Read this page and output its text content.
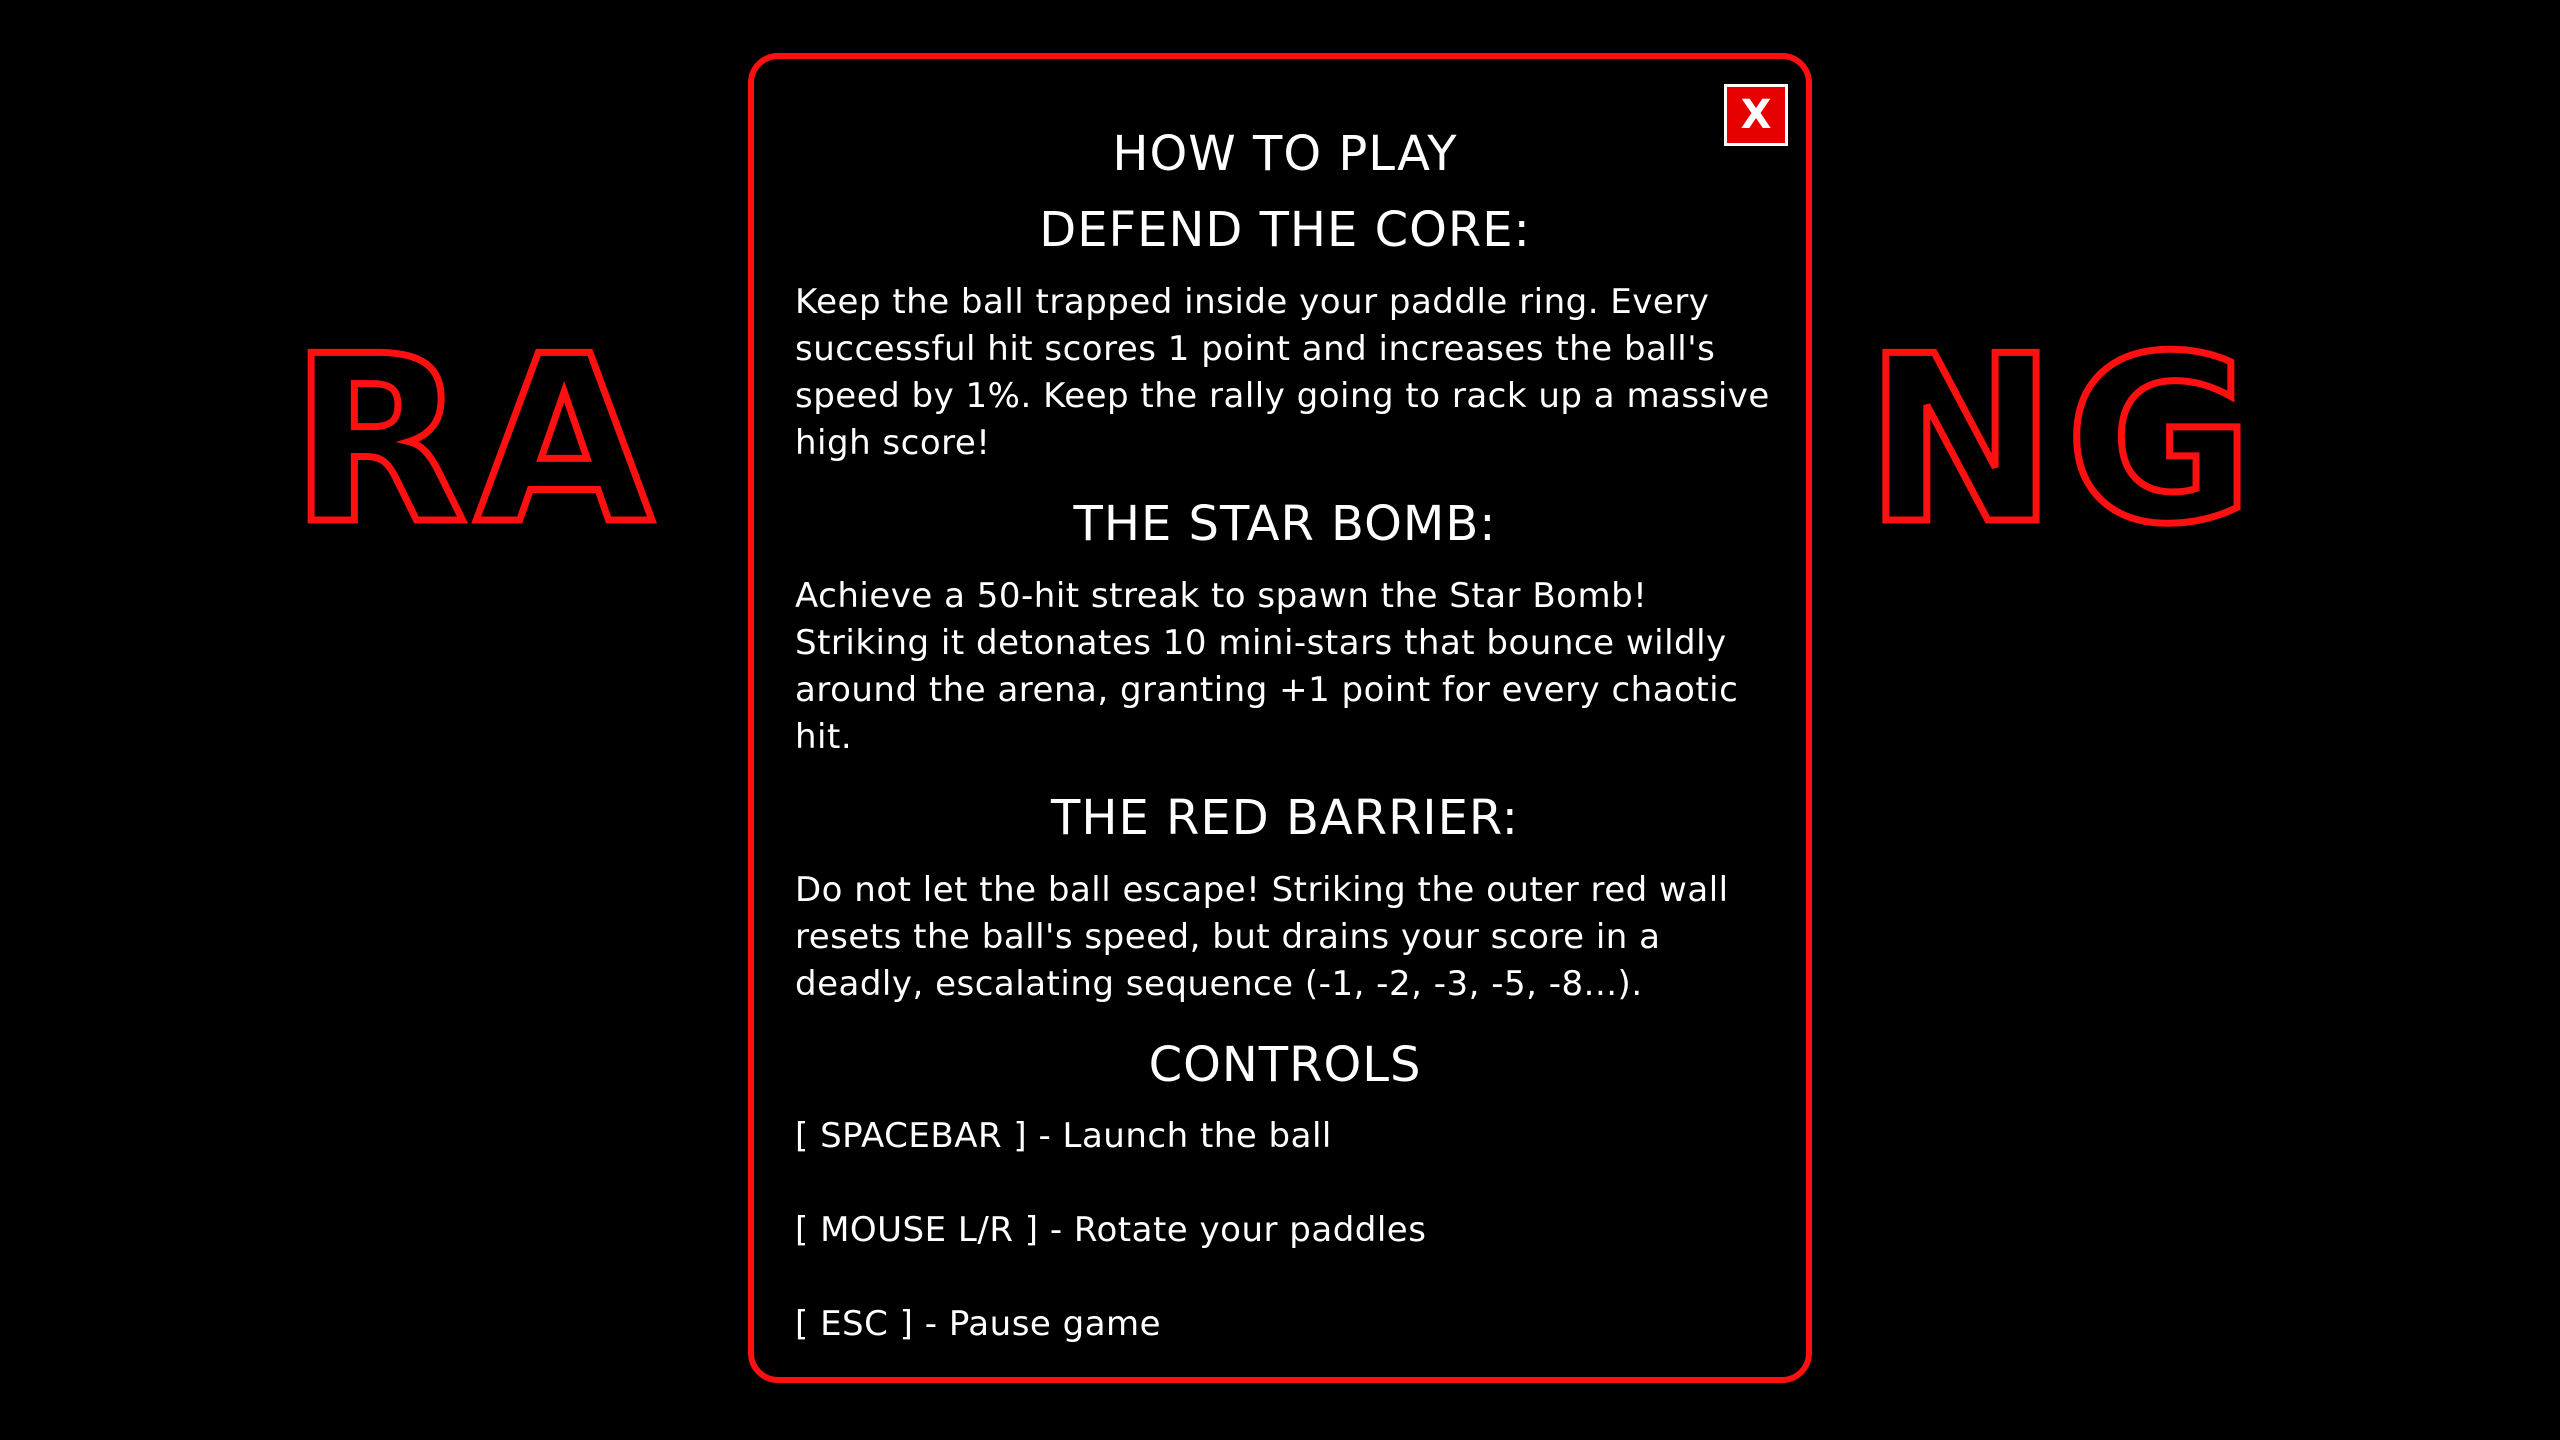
RA	NG
X
HOW TO PLAY
DEFEND THE CORE:

Keep the ball trapped inside your paddle ring. Every successful hit scores 1 point and increases the ball's speed by 1%. Keep the rally going to rack up a massive high score!

THE STAR BOMB:

Achieve a 50-hit streak to spawn the Star Bomb! Striking it detonates 10 mini-stars that bounce wildly around the arena, granting +1 point for every chaotic hit.

THE RED BARRIER:

Do not let the ball escape! Striking the outer red wall resets the ball's speed, but drains your score in a deadly, escalating sequence (-1, -2, -3, -5, -8...).

CONTROLS
[ SPACEBAR ] - Launch the ball
[ MOUSE L/R ] - Rotate your paddles
[ ESC ] - Pause game
